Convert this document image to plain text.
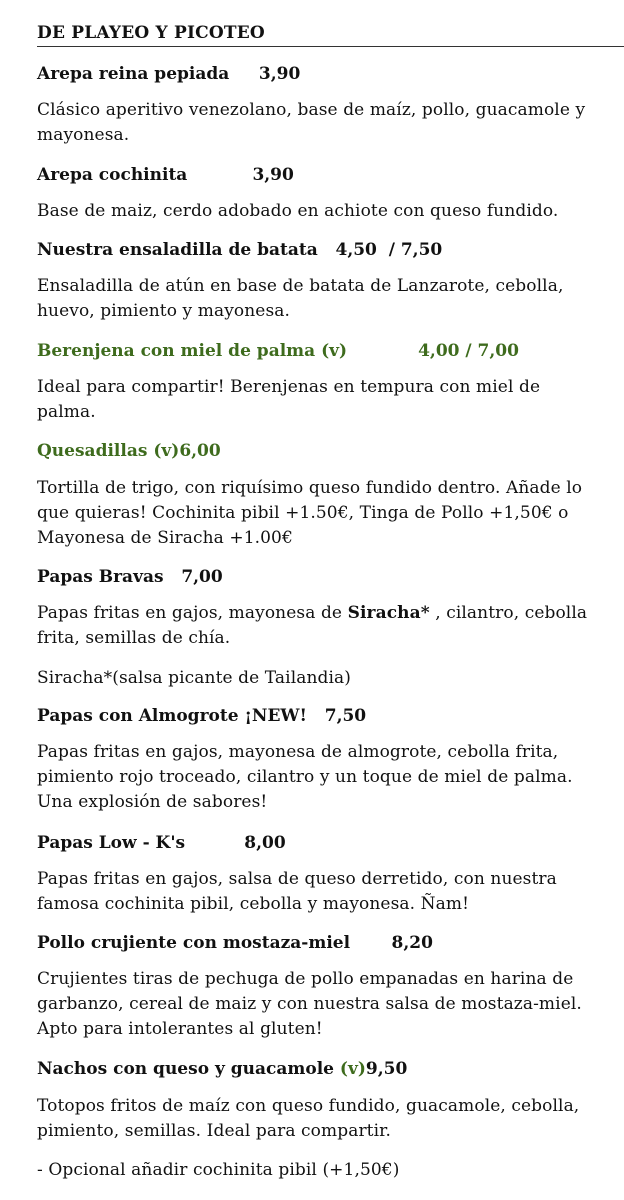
DE PLAYEO Y PICOTEO
Arepa reina pepiada 3,90
Clásico aperitivo venezolano, base de maíz, pollo, guacamole y mayonesa.
Arepa cochinita	3,90
Base de maiz, cerdo adobado en achiote con queso fundido.
Nuestra ensaladilla de batata 4,50  / 7,50
Ensaladilla de atún en base de batata de Lanzarote, cebolla, huevo, pimiento y mayonesa.
Berenjena con miel de palma (v)	4,00 / 7,00
Ideal para compartir! Berenjenas en tempura con miel de palma.
Quesadillas (v)6,00
Tortilla de trigo, con riquísimo queso fundido dentro. Añade lo que quieras! Cochinita pibil +1.50€, Tinga de Pollo +1,50€ o Mayonesa de Siracha +1.00€
Papas Bravas 7,00
Papas fritas en gajos, mayonesa de Siracha* , cilantro, cebolla frita, semillas de chía.
Siracha*(salsa picante de Tailandia)
Papas con Almogrote ¡NEW! 7,50
Papas fritas en gajos, mayonesa de almogrote, cebolla frita, pimiento rojo troceado, cilantro y un toque de miel de palma. Una explosión de sabores!
Papas Low - K's	8,00
Papas fritas en gajos, salsa de queso derretido, con nuestra famosa cochinita pibil, cebolla y mayonesa. Ñam!
Pollo crujiente con mostaza-miel 8,20
Crujientes tiras de pechuga de pollo empanadas en harina de garbanzo, cereal de maiz y con nuestra salsa de mostaza-miel. Apto para intolerantes al gluten!
Nachos con queso y guacamole (v)9,50
Totopos fritos de maíz con queso fundido, guacamole, cebolla, pimiento, semillas. Ideal para compartir.
- Opcional añadir cochinita pibil (+1,50€)
